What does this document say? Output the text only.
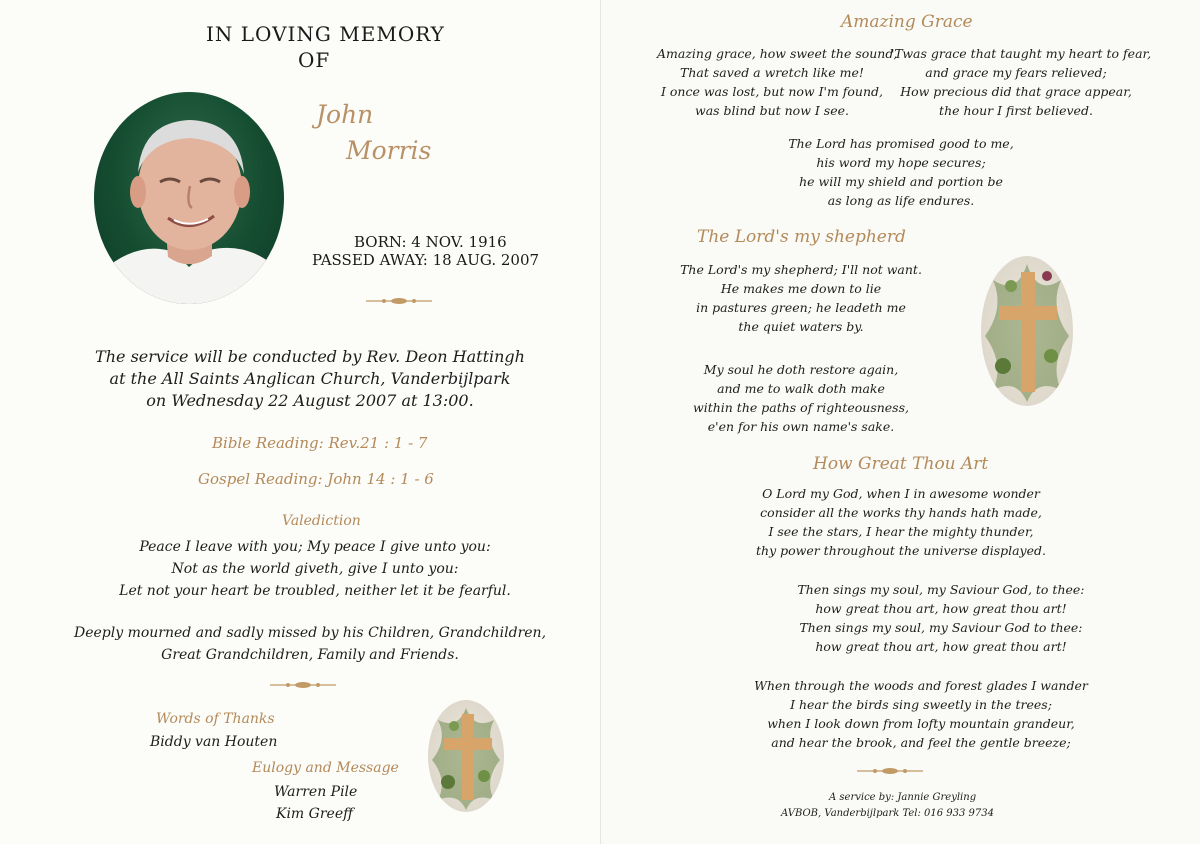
IN LOVING MEMORY

OF

John

Morris

BORN: 4 NOV. 1916

PASSED AWAY: 18 AUG. 2007

The service will be conducted by Rev. Deon Hattingh
at the All Saints Anglican Church, Vanderbijlpark
on Wednesday 22 August 2007 at 13:00.

Bible Reading: Rev.21 : 1 - 7

Gospel Reading: John 14 : 1 - 6

Valediction

Peace I leave with you; My peace I give unto you:
Not as the world giveth, give I unto you:
Let not your heart be troubled, neither let it be fearful.
Deeply mourned and sadly missed by his Children, Grandchildren,
Great Grandchildren, Family and Friends.

Words of Thanks

Biddy van Houten

Eulogy and Message

Warren Pile

Kim Greeff

Amazing Grace

Amazing grace, how sweet the sound,
That saved a wretch like me!
I once was lost, but now I'm found,
was blind but now I see.
'Twas grace that taught my heart to fear,
and grace my fears relieved;
How precious did that grace appear,
the hour I first believed.
The Lord has promised good to me,
his word my hope secures;
he will my shield and portion be
as long as life endures.

The Lord's my shepherd

The Lord's my shepherd; I'll not want.
He makes me down to lie
in pastures green; he leadeth me
the quiet waters by.
My soul he doth restore again,
and me to walk doth make
within the paths of righteousness,
e'en for his own name's sake.

How Great Thou Art

O Lord my God, when I in awesome wonder
consider all the works thy hands hath made,
I see the stars, I hear the mighty thunder,
thy power throughout the universe displayed.
Then sings my soul, my Saviour God, to thee:
how great thou art, how great thou art!
Then sings my soul, my Saviour God to thee:
how great thou art, how great thou art!
When through the woods and forest glades I wander
I hear the birds sing sweetly in the trees;
when I look down from lofty mountain grandeur,
and hear the brook, and feel the gentle breeze;

A service by: Jannie Greyling

AVBOB, Vanderbijlpark Tel: 016 933 9734
